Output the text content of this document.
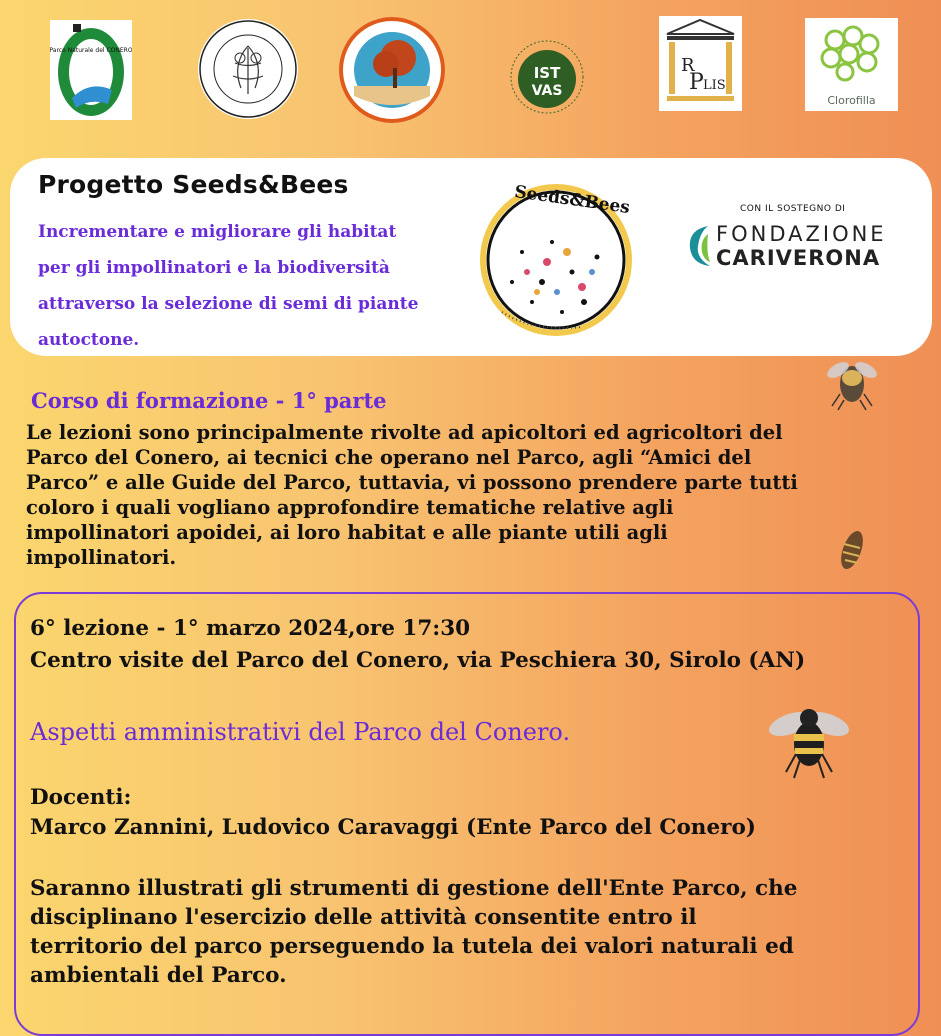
Parco Naturale del CONERO
IST
VAS
R
P LIS
Clorofilla
Progetto Seeds&Bees
Incrementare e migliorare gli habitat
per gli impollinatori e la biodiversità
attraverso la selezione di semi di piante
autoctone.
Seeds&Bees	CON IL SOSTEGNO DI
FONDAZIONE
CARIVERONA
Corso di formazione - 1° parte
Le lezioni sono principalmente rivolte ad apicoltori ed agricoltori del
Parco del Conero, ai tecnici che operano nel Parco, agli “Amici del
Parco” e alle Guide del Parco, tuttavia, vi possono prendere parte tutti
coloro i quali vogliano approfondire tematiche relative agli
impollinatori apoidei, ai loro habitat e alle piante utili agli
impollinatori.
6° lezione - 1° marzo 2024,ore 17:30
Centro visite del Parco del Conero, via Peschiera 30, Sirolo (AN)
Aspetti amministrativi del Parco del Conero.
Docenti:
Marco Zannini, Ludovico Caravaggi (Ente Parco del Conero)
Saranno illustrati gli strumenti di gestione dell'Ente Parco, che
disciplinano l'esercizio delle attività consentite entro il
territorio del parco perseguendo la tutela dei valori naturali ed
ambientali del Parco.
